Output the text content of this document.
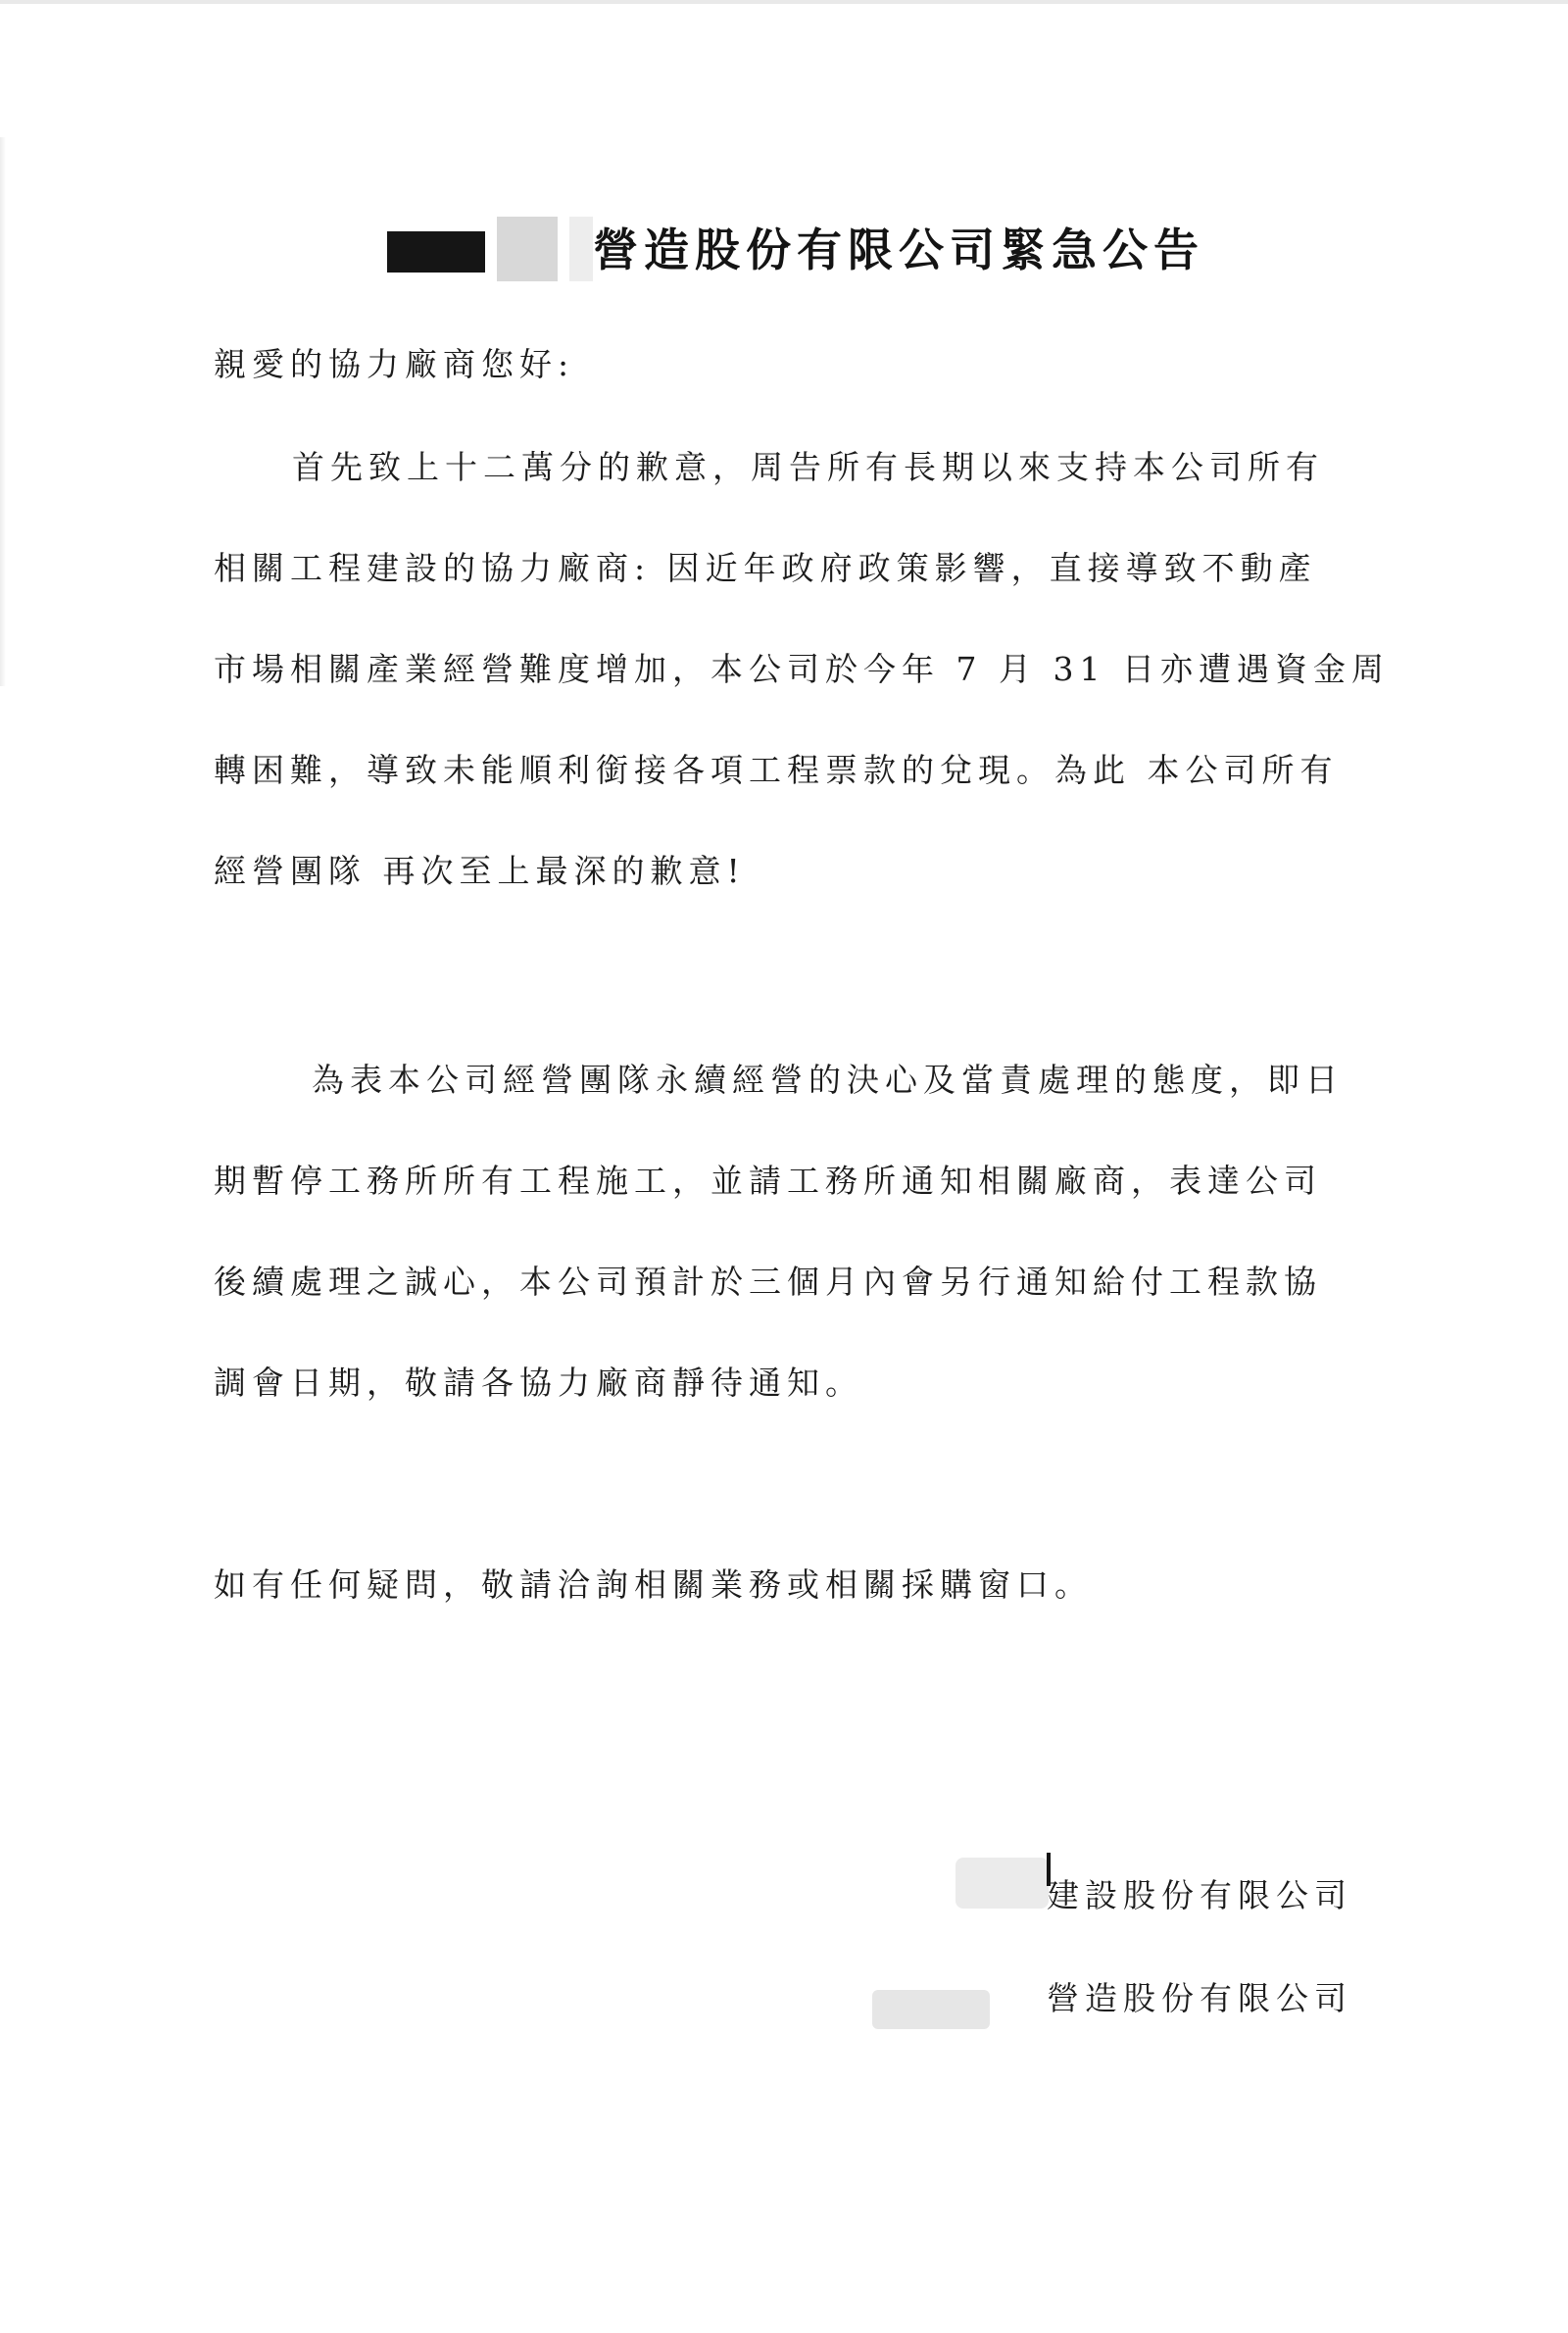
營造股份有限公司緊急公告

親愛的協力廠商您好:

首先致上十二萬分的歉意，周告所有長期以來支持本公司所有

相關工程建設的協力廠商: 因近年政府政策影響，直接導致不動產

市場相關產業經營難度增加，本公司於今年 7 月 31 日亦遭遇資金周

轉困難，導致未能順利銜接各項工程票款的兌現。為此 本公司所有

經營團隊 再次至上最深的歉意!

為表本公司經營團隊永續經營的決心及當責處理的態度，即日

期暫停工務所所有工程施工，並請工務所通知相關廠商，表達公司

後續處理之誠心，本公司預計於三個月內會另行通知給付工程款協

調會日期，敬請各協力廠商靜待通知。

如有任何疑問，敬請洽詢相關業務或相關採購窗口。

建設股份有限公司
營造股份有限公司
